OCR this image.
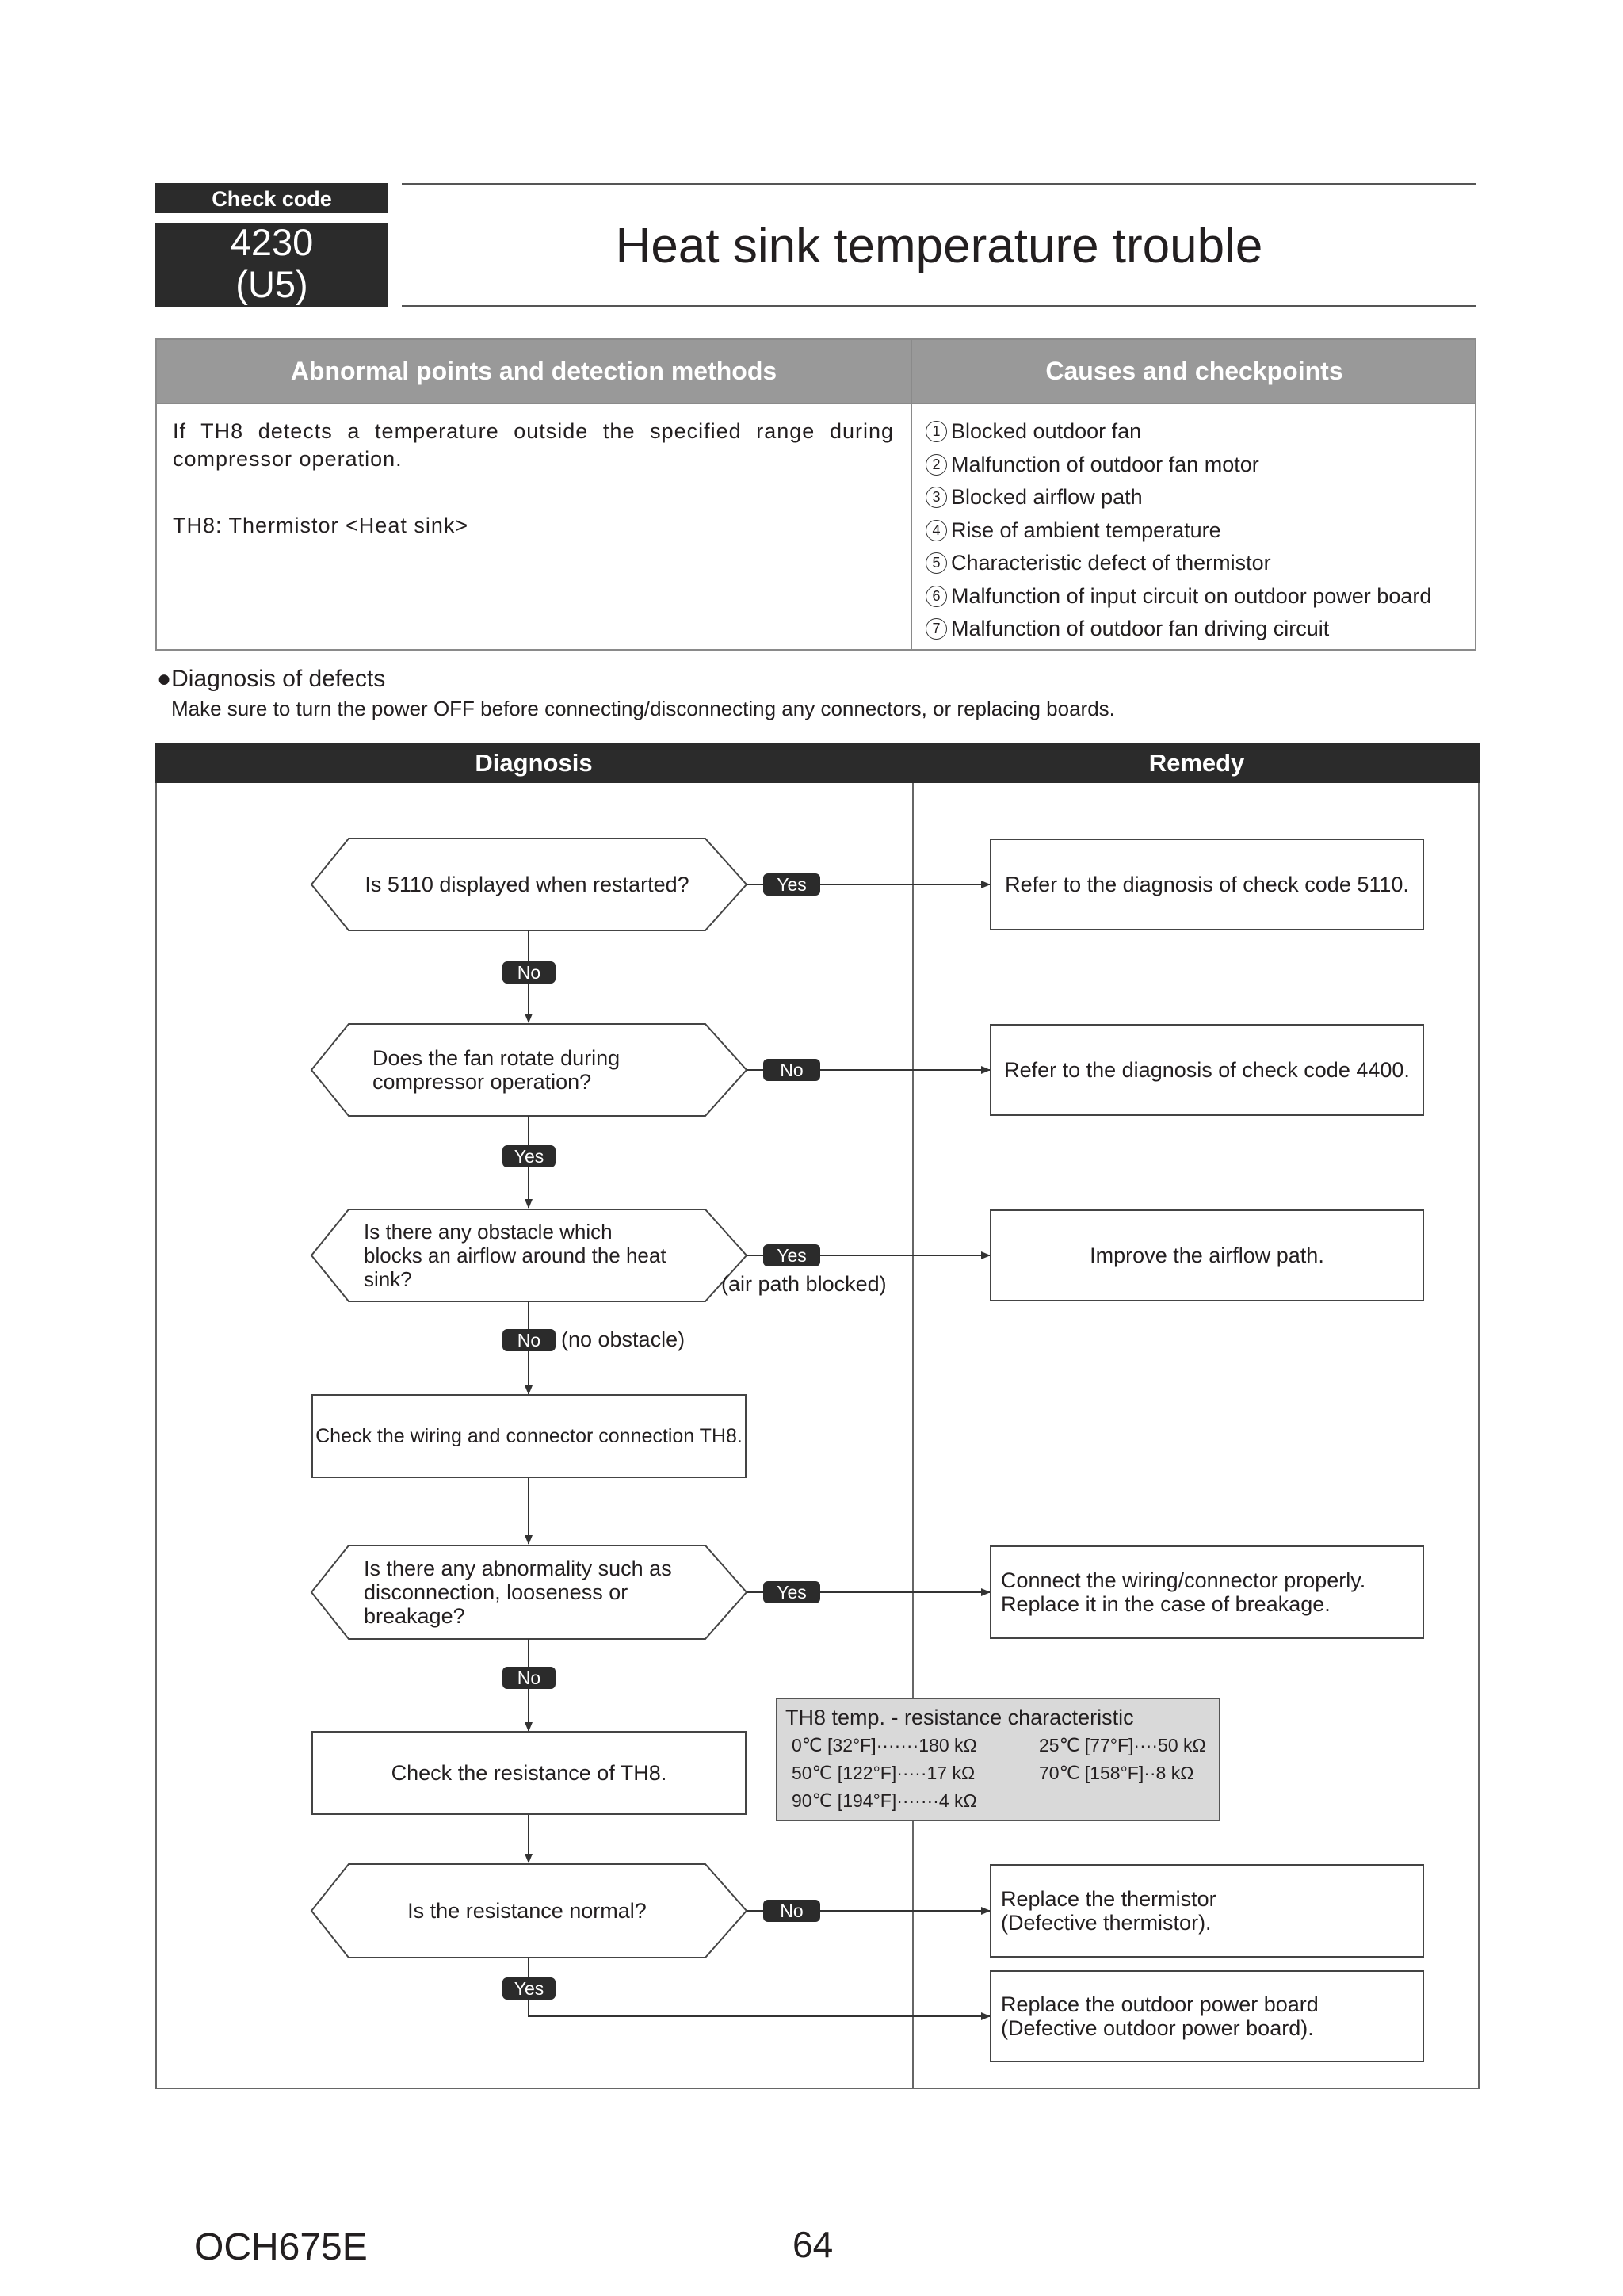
Check code
4230
(U5)
Heat sink temperature trouble
Abnormal points and detection methods	Causes and checkpoints
If TH8 detects a temperature outside the specified range during compressor operation.
TH8: Thermistor <Heat sink>
1 Blocked outdoor fan
2 Malfunction of outdoor fan motor
3 Blocked airflow path
4 Rise of ambient temperature
5 Characteristic defect of thermistor
6 Malfunction of input circuit on outdoor power board
7 Malfunction of outdoor fan driving circuit
●Diagnosis of defects
Make sure to turn the power OFF before connecting/disconnecting any connectors, or replacing boards.
Diagnosis	Remedy
Is 5110 displayed when restarted?
Does the fan rotate during compressor operation?
Is there any obstacle which blocks an airflow around the heat sink?
Is there any abnormality such as disconnection, looseness or breakage?
Is the resistance normal?
Check the wiring and connector connection TH8.
Check the resistance of TH8.
Refer to the diagnosis of check code 5110.
Refer to the diagnosis of check code 4400.
Improve the airflow path.
Connect the wiring/connector properly. Replace it in the case of breakage.
Replace the thermistor (Defective thermistor).
Replace the outdoor power board (Defective outdoor power board).
Yes
No
No
Yes
Yes
(air path blocked)
No (no obstacle)
Yes
No
No
Yes
TH8 temp. - resistance characteristic
0℃ [32°F]·······180 kΩ	25℃ [77°F]····50 kΩ
50℃ [122°F]·····17 kΩ	70℃ [158°F]··8 kΩ
90℃ [194°F]·······4 kΩ
OCH675E	64
